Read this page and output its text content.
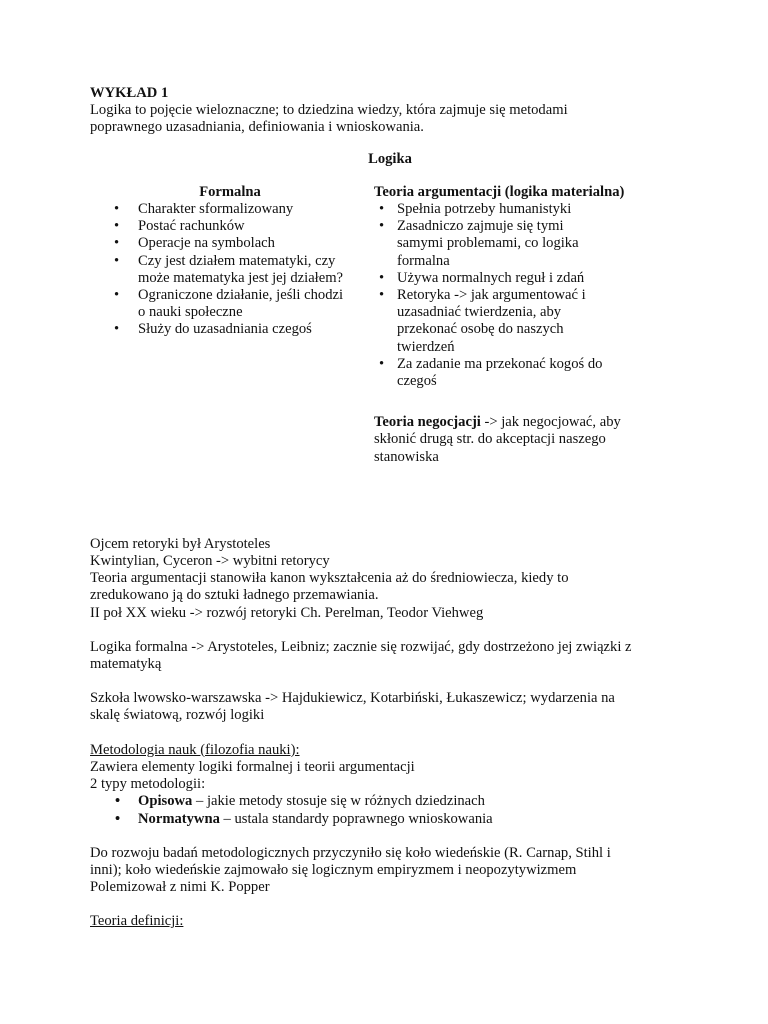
WYKŁAD 1
Logika to pojęcie wieloznaczne; to dziedzina wiedzy, która zajmuje się metodami
poprawnego uzasadniania, definiowania i wnioskowania.
Logika
Formalna
• Charakter sformalizowany
• Postać rachunków
• Operacje na symbolach
• Czy jest działem matematyki, czy
może matematyka jest jej działem?
• Ograniczone działanie, jeśli chodzi
o nauki społeczne
• Służy do uzasadniania czegoś
Teoria argumentacji (logika materialna)
• Spełnia potrzeby humanistyki
• Zasadniczo zajmuje się tymi
samymi problemami, co logika
formalna
• Używa normalnych reguł i zdań
• Retoryka -> jak argumentować i
uzasadniać twierdzenia, aby
przekonać osobę do naszych
twierdzeń
• Za zadanie ma przekonać kogoś do
czegoś
Teoria negocjacji -> jak negocjować, aby
skłonić drugą str. do akceptacji naszego
stanowiska
Ojcem retoryki był Arystoteles
Kwintylian, Cyceron -> wybitni retorycy
Teoria argumentacji stanowiła kanon wykształcenia aż do średniowiecza, kiedy to
zredukowano ją do sztuki ładnego przemawiania.
II poł XX wieku -> rozwój retoryki Ch. Perelman, Teodor Viehweg
Logika formalna -> Arystoteles, Leibniz; zacznie się rozwijać, gdy dostrzeżono jej związki z
matematyką
Szkoła lwowsko-warszawska -> Hajdukiewicz, Kotarbiński, Łukaszewicz; wydarzenia na
skalę światową, rozwój logiki
Metodologia nauk (filozofia nauki):
Zawiera elementy logiki formalnej i teorii argumentacji
2 typy metodologii:
• Opisowa – jakie metody stosuje się w różnych dziedzinach
• Normatywna – ustala standardy poprawnego wnioskowania
Do rozwoju badań metodologicznych przyczyniło się koło wiedeńskie (R. Carnap, Stihl i
inni); koło wiedeńskie zajmowało się logicznym empiryzmem i neopozytywizmem
Polemizował z nimi K. Popper
Teoria definicji:
